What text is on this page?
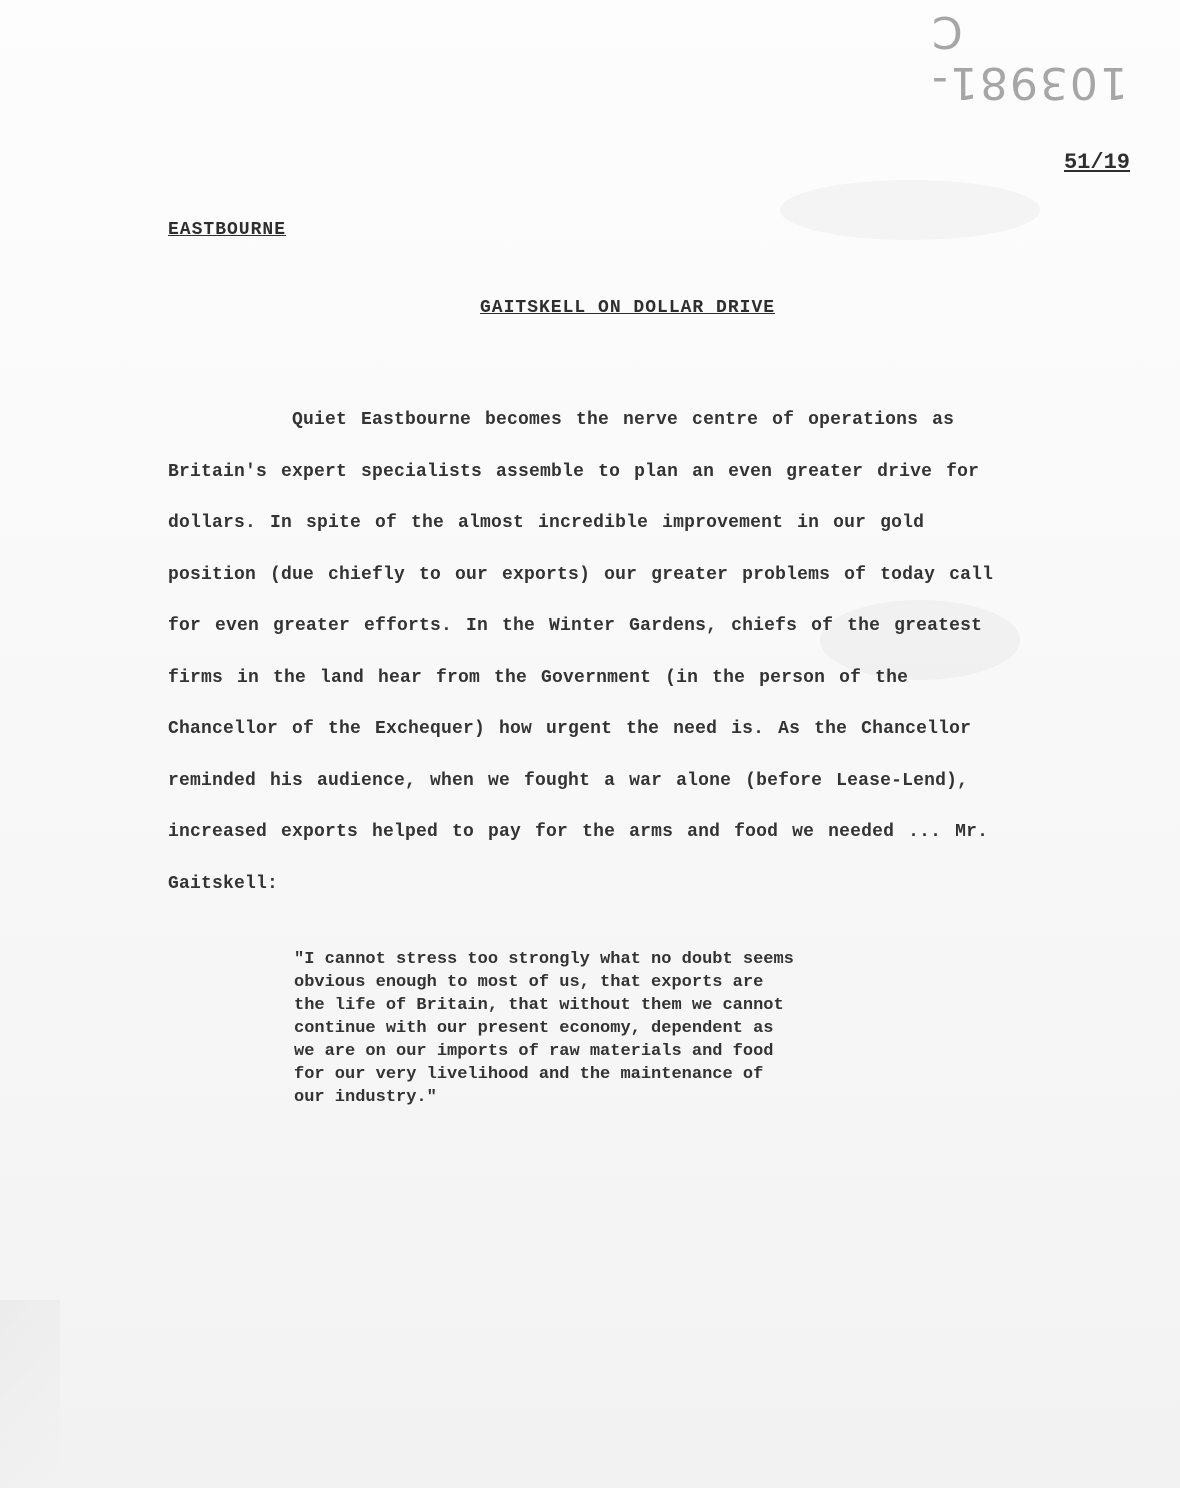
103981-C
51/19
EASTBOURNE
GAITSKELL ON DOLLAR DRIVE
Quiet Eastbourne becomes the nerve centre of operations as Britain's expert specialists assemble to plan an even greater drive for dollars. In spite of the almost incredible improvement in our gold position (due chiefly to our exports) our greater problems of today call for even greater efforts. In the Winter Gardens, chiefs of the greatest firms in the land hear from the Government (in the person of the Chancellor of the Exchequer) how urgent the need is. As the Chancellor reminded his audience, when we fought a war alone (before Lease-Lend), increased exports helped to pay for the arms and food we needed ... Mr. Gaitskell:
"I cannot stress too strongly what no doubt seems
obvious enough to most of us, that exports are
the life of Britain, that without them we cannot
continue with our present economy, dependent as
we are on our imports of raw materials and food
for our very livelihood and the maintenance of
our industry."
